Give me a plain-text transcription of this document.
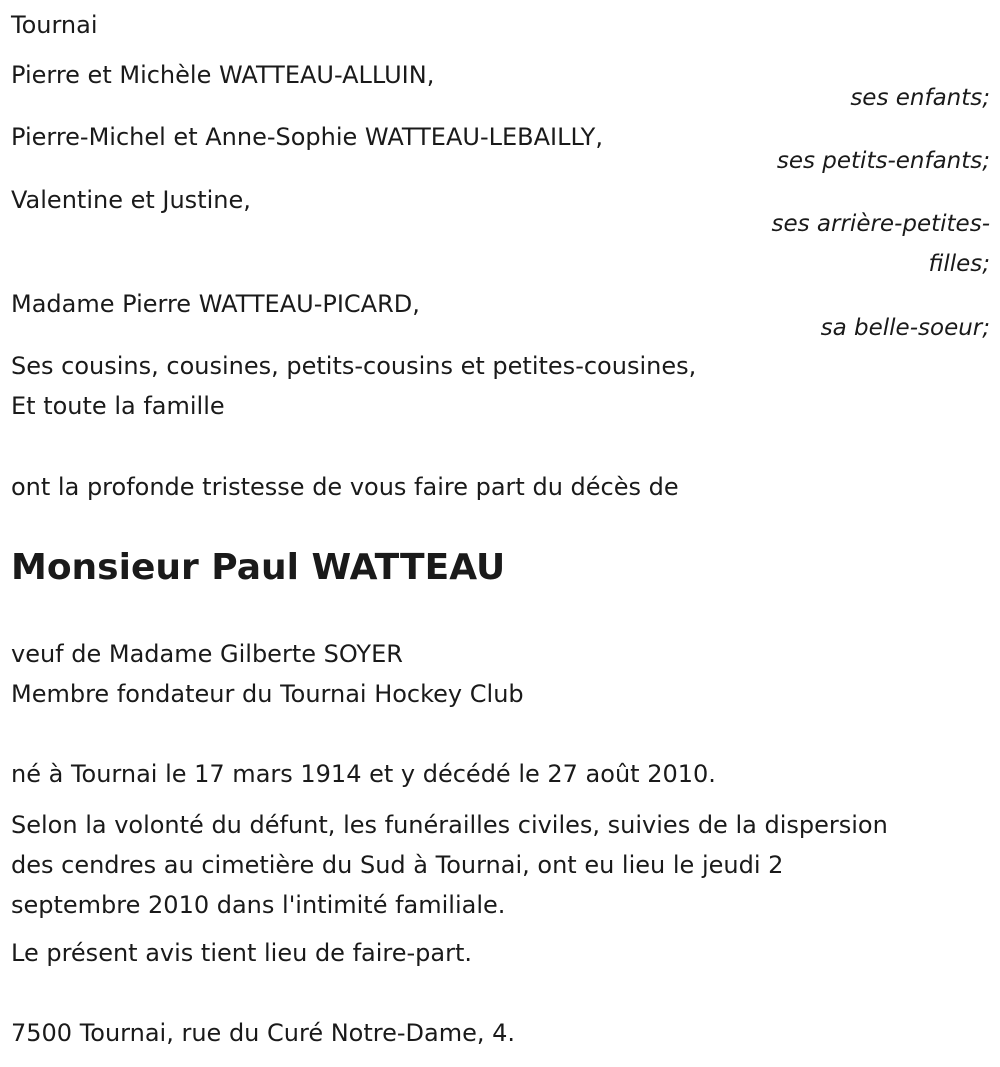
Tournai

Pierre et Michèle WATTEAU-ALLUIN,

ses enfants;

Pierre-Michel et Anne-Sophie WATTEAU-LEBAILLY,

ses petits-enfants;

Valentine et Justine,

ses arrière-petites-

filles;

Madame Pierre WATTEAU-PICARD,

sa belle-soeur;

Ses cousins, cousines, petits-cousins et petites-cousines,

Et toute la famille

ont la profonde tristesse de vous faire part du décès de

Monsieur Paul WATTEAU

veuf de Madame Gilberte SOYER

Membre fondateur du Tournai Hockey Club

né à Tournai le 17 mars 1914 et y décédé le 27 août 2010.

Selon la volonté du défunt, les funérailles civiles, suivies de la dispersion

des cendres au cimetière du Sud à Tournai, ont eu lieu le jeudi 2

septembre 2010 dans l'intimité familiale.

Le présent avis tient lieu de faire-part.

7500 Tournai, rue du Curé Notre-Dame, 4.
